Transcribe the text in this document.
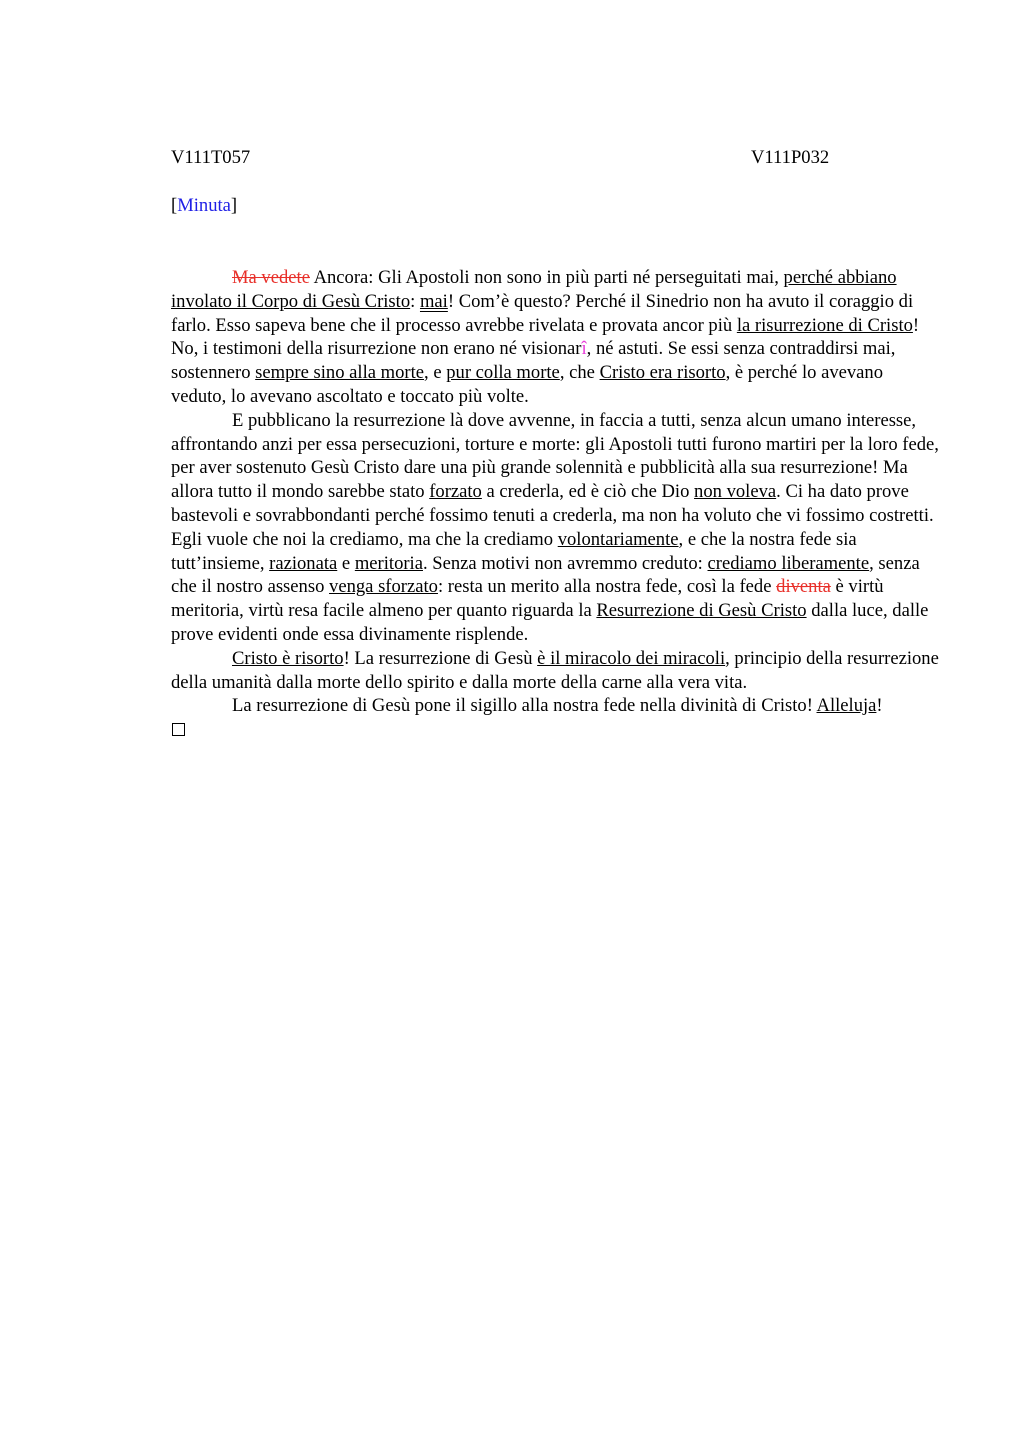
V111T057	V111P032
[Minuta]

Ma vedete Ancora: Gli Apostoli non sono in più parti né perseguitati mai, perché abbiano involato il Corpo di Gesù Cristo: mai! Com’è questo? Perché il Sinedrio non ha avuto il coraggio di farlo. Esso sapeva bene che il processo avrebbe rivelata e provata ancor più la risurrezione di Cristo! No, i testimoni della risurrezione non erano né visionarî, né astuti. Se essi senza contraddirsi mai, sostennero sempre sino alla morte, e pur colla morte, che Cristo era risorto, è perché lo avevano veduto, lo avevano ascoltato e toccato più volte.

E pubblicano la resurrezione là dove avvenne, in faccia a tutti, senza alcun umano interesse, affrontando anzi per essa persecuzioni, torture e morte: gli Apostoli tutti furono martiri per la loro fede, per aver sostenuto Gesù Cristo dare una più grande solennità e pubblicità alla sua resurrezione! Ma allora tutto il mondo sarebbe stato forzato a crederla, ed è ciò che Dio non voleva. Ci ha dato prove bastevoli e sovrabbondanti perché fossimo tenuti a crederla, ma non ha voluto che vi fossimo costretti. Egli vuole che noi la crediamo, ma che la crediamo volontariamente, e che la nostra fede sia tutt’insieme, razionata e meritoria. Senza motivi non avremmo creduto: crediamo liberamente, senza che il nostro assenso venga sforzato: resta un merito alla nostra fede, così la fede diventa è virtù meritoria, virtù resa facile almeno per quanto riguarda la Resurrezione di Gesù Cristo dalla luce, dalle prove evidenti onde essa divinamente risplende.

Cristo è risorto! La resurrezione di Gesù è il miracolo dei miracoli, principio della resurrezione della umanità dalla morte dello spirito e dalla morte della carne alla vera vita.

La resurrezione di Gesù pone il sigillo alla nostra fede nella divinità di Cristo! Alleluja!
